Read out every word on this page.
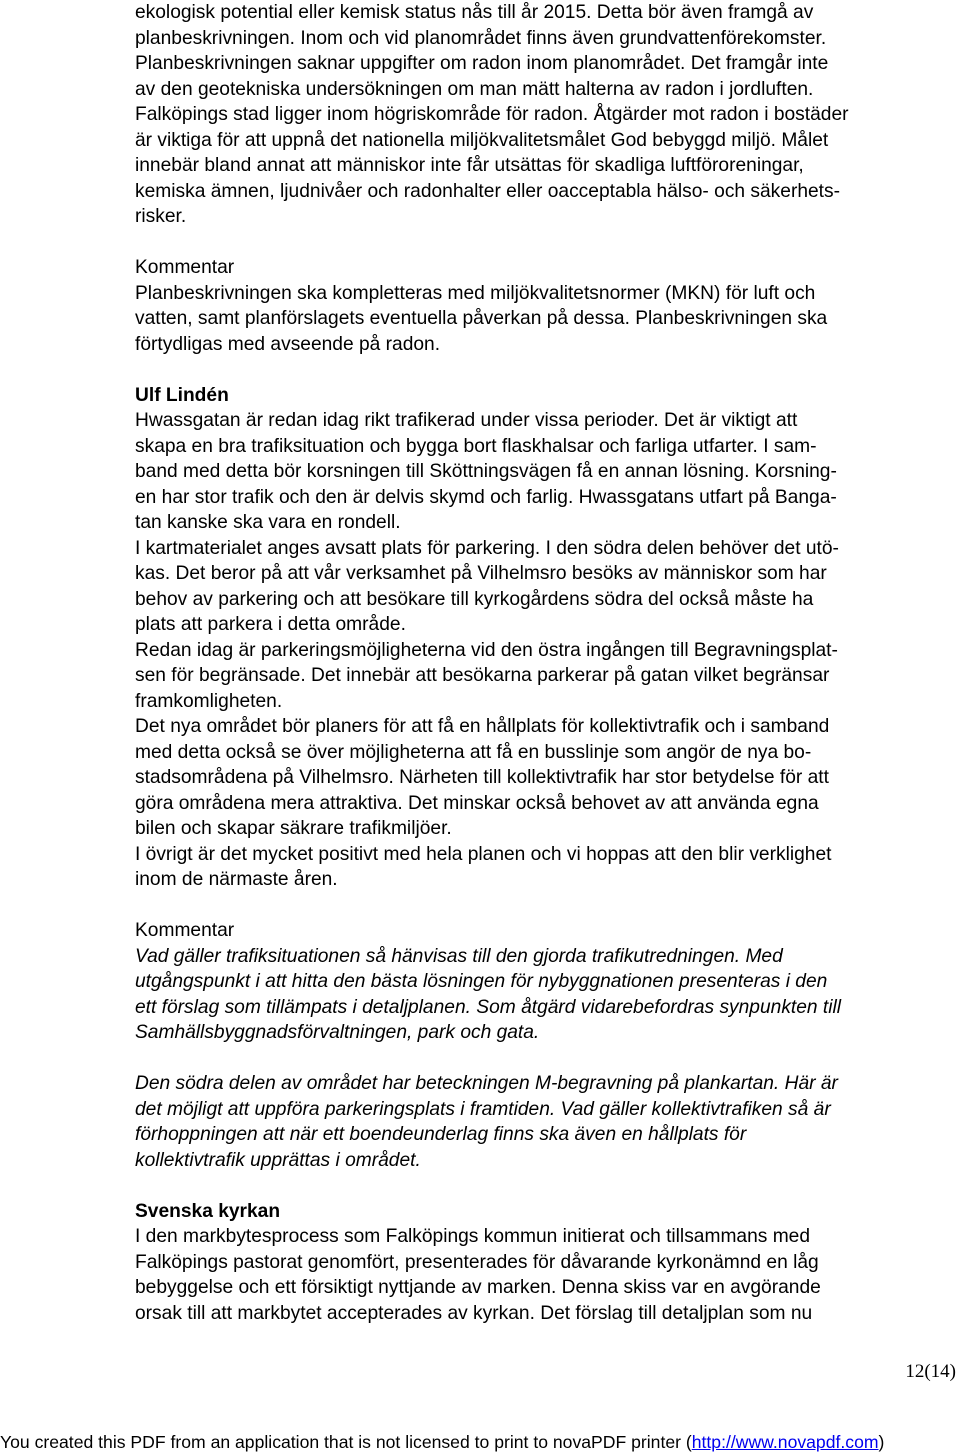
ekologisk potential eller kemisk status nås till år 2015. Detta bör även framgå av
planbeskrivningen. Inom och vid planområdet finns även grundvattenförekomster.
Planbeskrivningen saknar uppgifter om radon inom planområdet. Det framgår inte
av den geotekniska undersökningen om man mätt halterna av radon i jordluften.
Falköpings stad ligger inom högriskområde för radon. Åtgärder mot radon i bostäder
är viktiga för att uppnå det nationella miljökvalitetsmålet God bebyggd miljö. Målet
innebär bland annat att människor inte får utsättas för skadliga luftföroreningar,
kemiska ämnen, ljudnivåer och radonhalter eller oacceptabla hälso- och säkerhets-
risker.
Kommentar
Planbeskrivningen ska kompletteras med miljökvalitetsnormer (MKN) för luft och
vatten, samt planförslagets eventuella påverkan på dessa. Planbeskrivningen ska
förtydligas med avseende på radon.
Ulf Lindén
Hwassgatan är redan idag rikt trafikerad under vissa perioder. Det är viktigt att
skapa en bra trafiksituation och bygga bort flaskhalsar och farliga utfarter. I sam-
band med detta bör korsningen till Sköttningsvägen få en annan lösning. Korsning-
en har stor trafik och den är delvis skymd och farlig. Hwassgatans utfart på Banga-
tan kanske ska vara en rondell.
I kartmaterialet anges avsatt plats för parkering. I den södra delen behöver det utö-
kas. Det beror på att vår verksamhet på Vilhelmsro besöks av människor som har
behov av parkering och att besökare till kyrkogårdens södra del också måste ha
plats att parkera i detta område.
Redan idag är parkeringsmöjligheterna vid den östra ingången till Begravningsplat-
sen för begränsade. Det innebär att besökarna parkerar på gatan vilket begränsar
framkomligheten.
Det nya området bör planers för att få en hållplats för kollektivtrafik och i samband
med detta också se över möjligheterna att få en busslinje som angör de nya bo-
stadsområdena på Vilhelmsro. Närheten till kollektivtrafik har stor betydelse för att
göra områdena mera attraktiva. Det minskar också behovet av att använda egna
bilen och skapar säkrare trafikmiljöer.
I övrigt är det mycket positivt med hela planen och vi hoppas att den blir verklighet
inom de närmaste åren.
Kommentar
Vad gäller trafiksituationen så hänvisas till den gjorda trafikutredningen. Med
utgångspunkt i att hitta den bästa lösningen för nybyggnationen presenteras i den
ett förslag som tillämpats i detaljplanen. Som åtgärd vidarebefordras synpunkten till
Samhällsbyggnadsförvaltningen, park och gata.
Den södra delen av området har beteckningen M-begravning på plankartan. Här är
det möjligt att uppföra parkeringsplats i framtiden. Vad gäller kollektivtrafiken så är
förhoppningen att när ett boendeunderlag finns ska även en hållplats för
kollektivtrafik upprättas i området.
Svenska kyrkan
I den markbytesprocess som Falköpings kommun initierat och tillsammans med
Falköpings pastorat genomfört, presenterades för dåvarande kyrkonämnd en låg
bebyggelse och ett försiktigt nyttjande av marken. Denna skiss var en avgörande
orsak till att markbytet accepterades av kyrkan. Det förslag till detaljplan som nu
12(14)
You created this PDF from an application that is not licensed to print to novaPDF printer (http://www.novapdf.com)
